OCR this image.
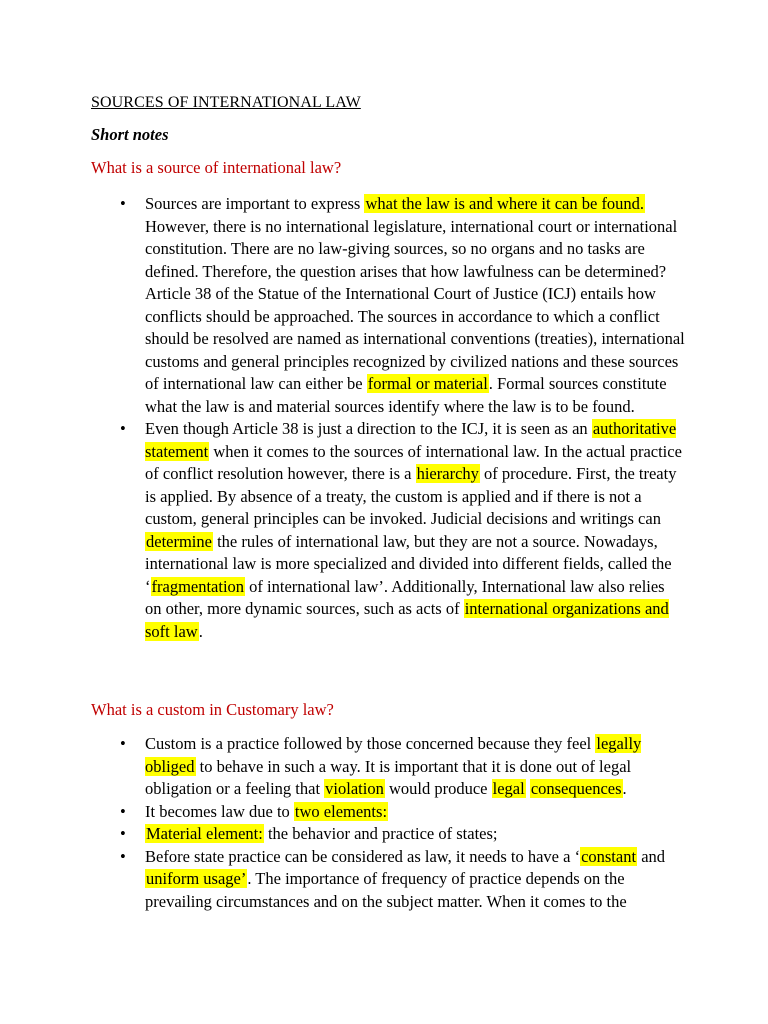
SOURCES OF INTERNATIONAL LAW
Short notes
What is a source of international law?
• Sources are important to express what the law is and where it can be found. However, there is no international legislature, international court or international constitution. There are no law-giving sources, so no organs and no tasks are defined. Therefore, the question arises that how lawfulness can be determined? Article 38 of the Statue of the International Court of Justice (ICJ) entails how conflicts should be approached. The sources in accordance to which a conflict should be resolved are named as international conventions (treaties), international customs and general principles recognized by civilized nations and these sources of international law can either be formal or material. Formal sources constitute what the law is and material sources identify where the law is to be found.
• Even though Article 38 is just a direction to the ICJ, it is seen as an authoritative statement when it comes to the sources of international law. In the actual practice of conflict resolution however, there is a hierarchy of procedure. First, the treaty is applied. By absence of a treaty, the custom is applied and if there is not a custom, general principles can be invoked. Judicial decisions and writings can determine the rules of international law, but they are not a source. Nowadays, international law is more specialized and divided into different fields, called the ‘fragmentation of international law’. Additionally, International law also relies on other, more dynamic sources, such as acts of international organizations and soft law.
What is a custom in Customary law?
• Custom is a practice followed by those concerned because they feel legally obliged to behave in such a way. It is important that it is done out of legal obligation or a feeling that violation would produce legal consequences.
• It becomes law due to two elements:
• Material element: the behavior and practice of states;
• Before state practice can be considered as law, it needs to have a ‘constant and uniform usage’. The importance of frequency of practice depends on the prevailing circumstances and on the subject matter. When it comes to the
